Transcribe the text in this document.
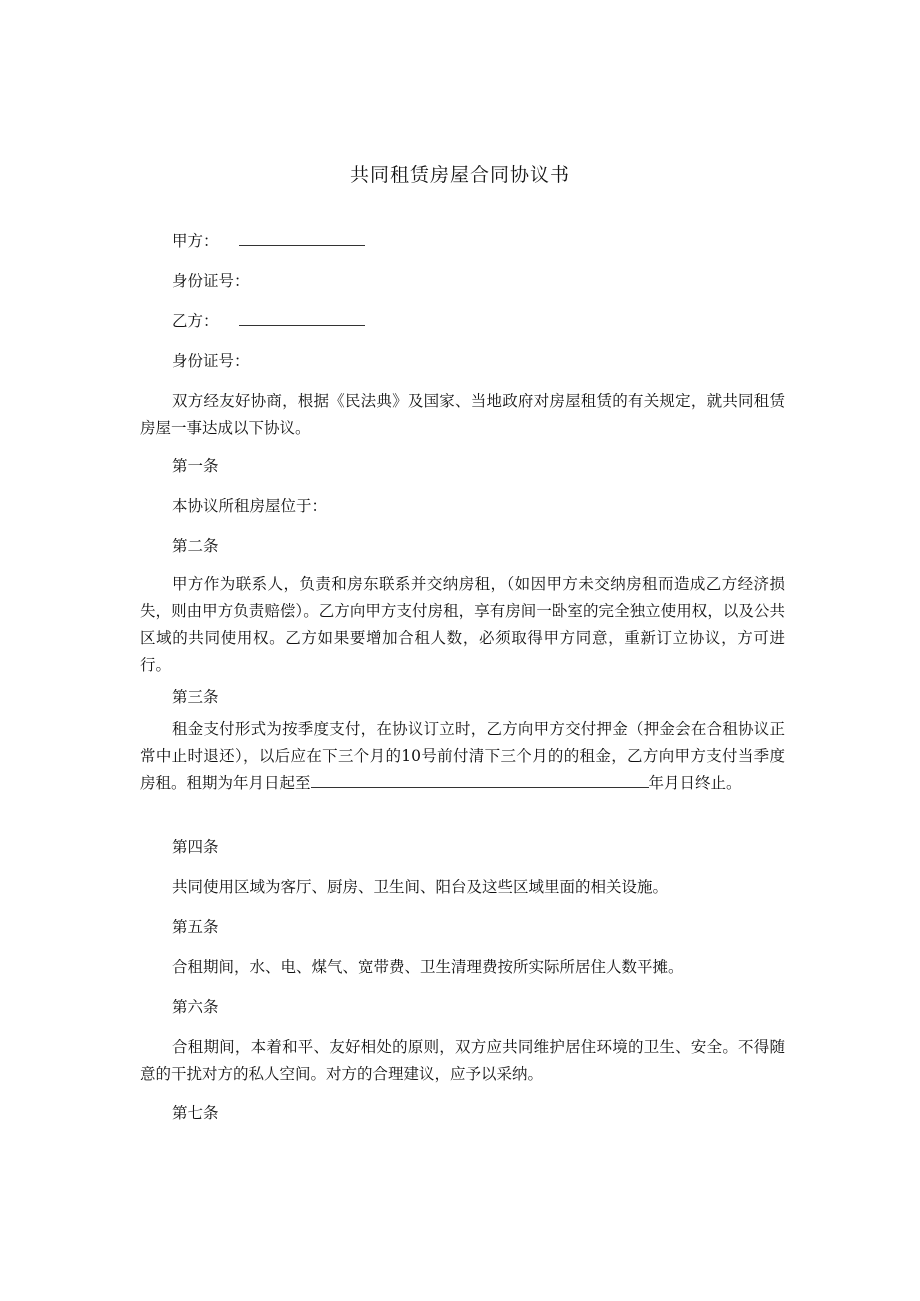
共同租赁房屋合同协议书
甲方：
身份证号：
乙方：
身份证号：
双方经友好协商，根据《民法典》及国家、当地政府对房屋租赁的有关规定，就共同租赁房屋一事达成以下协议。
第一条
本协议所租房屋位于：
第二条
甲方作为联系人，负责和房东联系并交纳房租，（如因甲方未交纳房租而造成乙方经济损失，则由甲方负责赔偿）。乙方向甲方支付房租，享有房间一卧室的完全独立使用权，以及公共区域的共同使用权。乙方如果要增加合租人数，必须取得甲方同意，重新订立协议，方可进行。
第三条
租金支付形式为按季度支付，在协议订立时，乙方向甲方交付押金（押金会在合租协议正常中止时退还），以后应在下三个月的10号前付清下三个月的的租金，乙方向甲方支付当季度房租。租期为年月日起至	年月日终止。
第四条
共同使用区域为客厅、厨房、卫生间、阳台及这些区域里面的相关设施。
第五条
合租期间，水、电、煤气、宽带费、卫生清理费按所实际所居住人数平摊。
第六条
合租期间，本着和平、友好相处的原则，双方应共同维护居住环境的卫生、安全。不得随意的干扰对方的私人空间。对方的合理建议，应予以采纳。
第七条
